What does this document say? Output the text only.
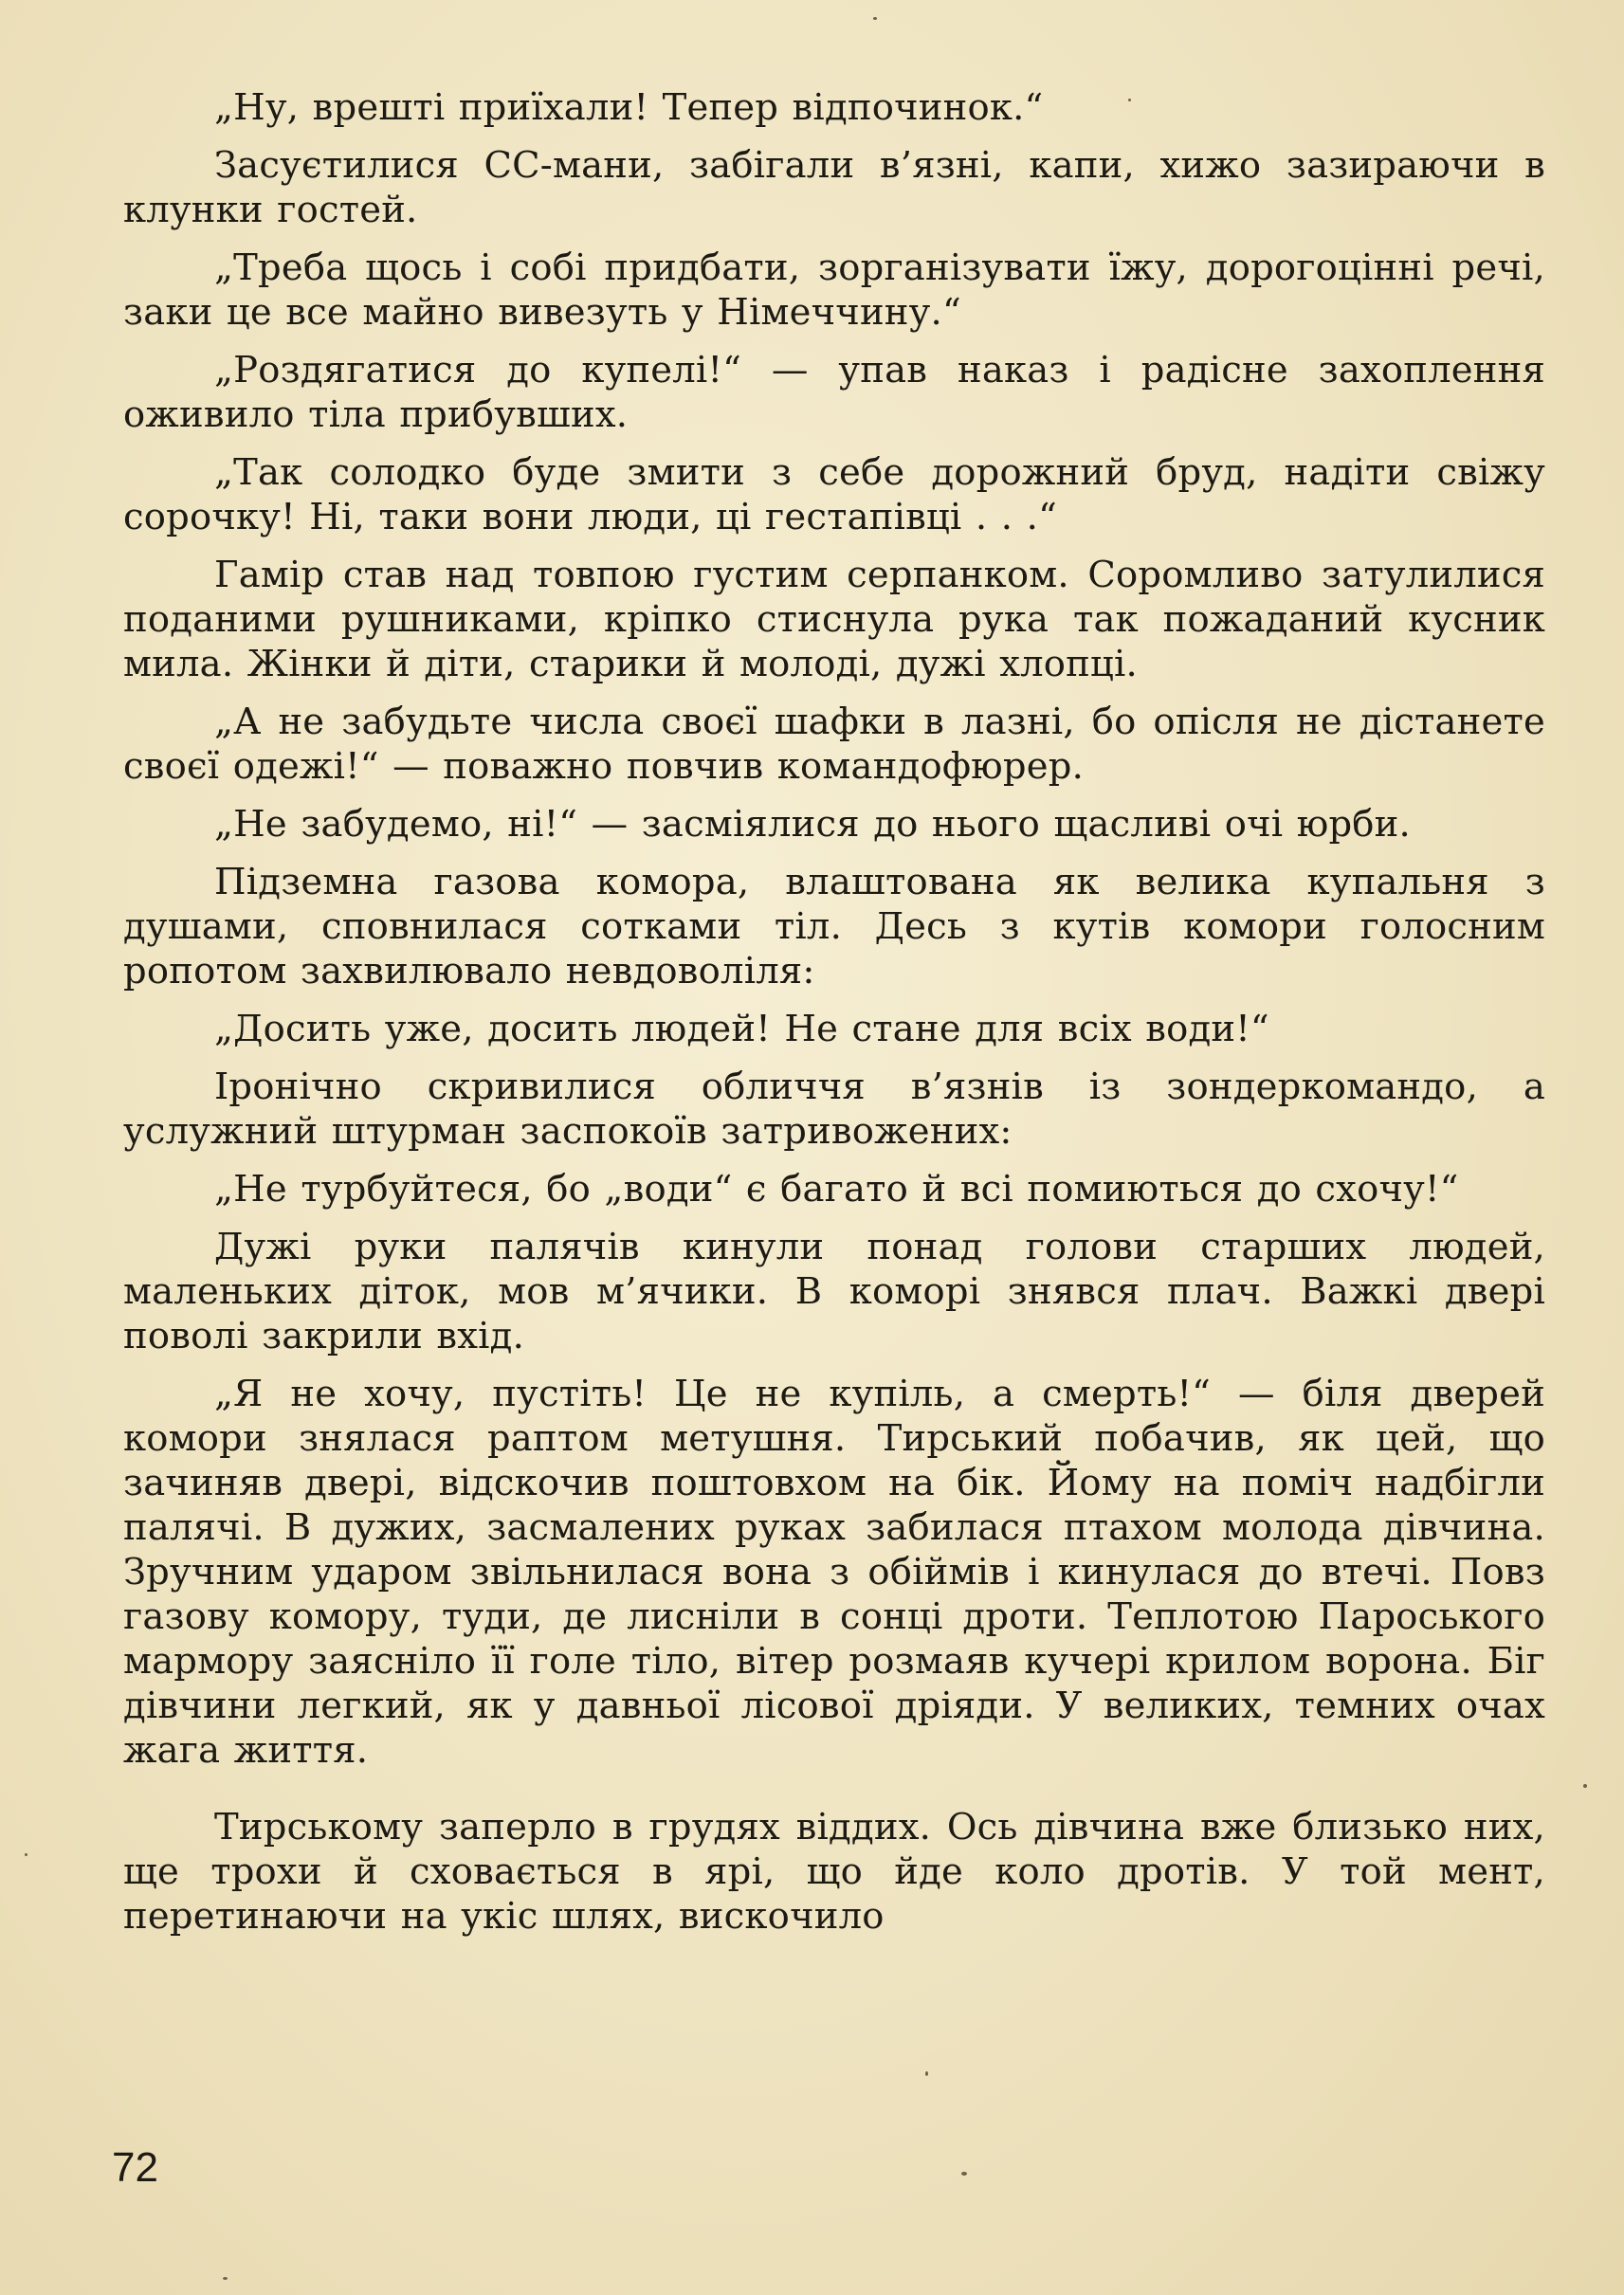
„Ну, врешті приїхали! Тепер відпочинок.“

Засуєтилися СС-мани, забігали в’язні, капи, хижо зазираючи в клунки гостей.

„Треба щось і собі придбати, зорганізувати їжу, дорогоцінні речі, заки це все майно вивезуть у Німеччину.“

„Роздягатися до купелі!“ — упав наказ і радісне захоплення оживило тіла прибувших.

„Так солодко буде змити з себе дорожний бруд, надіти свіжу сорочку! Ні, таки вони люди, ці гестапівці . . .“

Гамір став над товпою густим серпанком. Соромливо затулилися поданими рушниками, кріпко стиснула рука так пожаданий кусник мила. Жінки й діти, старики й молоді, дужі хлопці.

„А не забудьте числа своєї шафки в лазні, бо опісля не дістанете своєї одежі!“ — поважно повчив командофюрер.

„Не забудемо, ні!“ — засміялися до нього щасливі очі юрби.

Підземна газова комора, влаштована як велика купальня з душами, сповнилася сотками тіл. Десь з кутів комори голосним ропотом захвилювало невдоволіля:

„Досить уже, досить людей! Не стане для всіх води!“

Іронічно скривилися обличчя в’язнів із зондеркомандо, а услужний штурман заспокоїв затривожених:

„Не турбуйтеся, бо „води“ є багато й всі помиються до схочу!“

Дужі руки палячів кинули понад голови старших людей, маленьких діток, мов м’ячики. В коморі знявся плач. Важкі двері поволі закрили вхід.

„Я не хочу, пустіть! Це не купіль, а смерть!“ — біля дверей комори знялася раптом метушня. Тирський побачив, як цей, що зачиняв двері, відскочив поштовхом на бік. Йому на поміч надбігли палячі. В дужих, засмалених руках забилася птахом молода дівчина. Зручним ударом звільнилася вона з обіймів і кинулася до втечі. Повз газову комору, туди, де лисніли в сонці дроти. Теплотою Пароського мармору заясніло її голе тіло, вітер розмаяв кучері крилом ворона. Біг дівчини легкий, як у давньої лісової дріяди. У великих, темних очах жага життя.

Тирському заперло в грудях віддих. Ось дівчина вже близько них, ще трохи й сховається в ярі, що йде коло дротів. У той мент, перетинаючи на укіс шлях, вискочило

72
